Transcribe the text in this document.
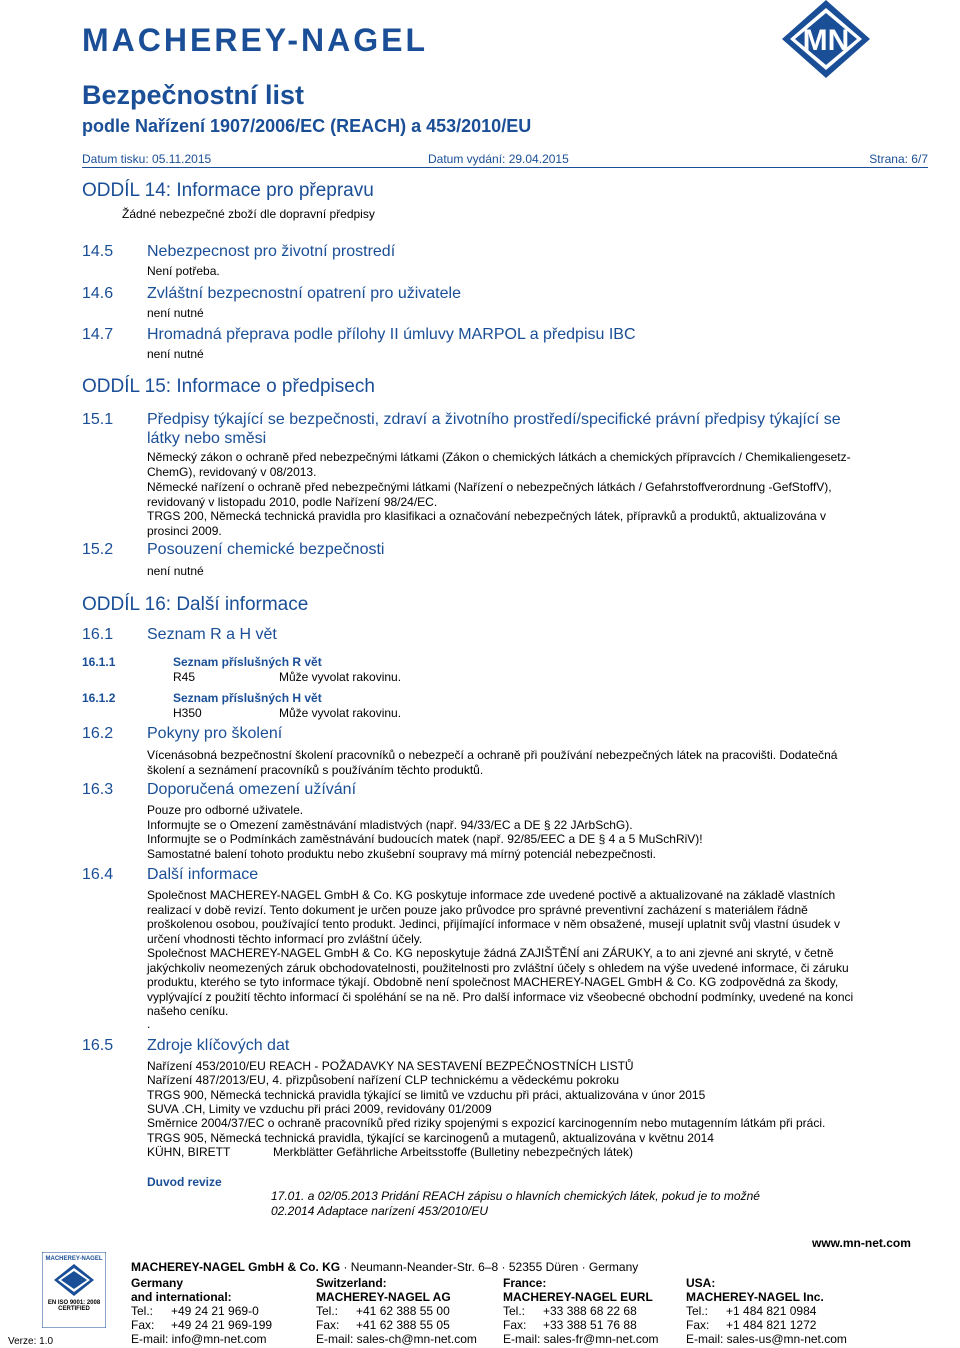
MACHEREY-NAGEL	MN
Bezpečnostní list
podle Nařízení 1907/2006/EC (REACH) a 453/2010/EU
Datum tisku: 05.11.2015	Datum vydání: 29.04.2015	Strana: 6/7
ODDÍL 14: Informace pro přepravu
Žádné nebezpečné zboží dle dopravní předpisy
14.5 Nebezpecnost pro životní prostredí
Není potřeba.
14.6 Zvláštní bezpecnostní opatrení pro uživatele
není nutné
14.7 Hromadná přeprava podle přílohy II úmluvy MARPOL a předpisu IBC
není nutné
ODDÍL 15: Informace o předpisech
15.1 Předpisy týkající se bezpečnosti, zdraví a životního prostředí/specifické právní předpisy týkající se
látky nebo směsi
Německý zákon o ochraně před nebezpečnými látkami (Zákon o chemických látkách a chemických přípravcích / Chemikaliengesetz-
ChemG), revidovaný v 08/2013.
Německé nařízení o ochraně před nebezpečnými látkami (Nařízení o nebezpečných látkách / Gefahrstoffverordnung -GefStoffV),
revidovaný v listopadu 2010, podle Nařízení 98/24/EC.
TRGS 200, Německá technická pravidla pro klasifikaci a označování nebezpečných látek, přípravků a produktů, aktualizována v
prosinci 2009.
15.2 Posouzení chemické bezpečnosti
není nutné
ODDÍL 16: Další informace
16.1 Seznam R a H vět
16.1.1	Seznam příslušných R vět
R45	Může vyvolat rakovinu.
16.1.2	Seznam příslušných H vět
H350	Může vyvolat rakovinu.
16.2 Pokyny pro školení
Vícenásobná bezpečnostní školení pracovníků o nebezpečí a ochraně při používání nebezpečných látek na pracovišti. Dodatečná
školení a seznámení pracovníků s používáním těchto produktů.
16.3 Doporučená omezení užívání
Pouze pro odborné uživatele.
Informujte se o Omezení zaměstnávání mladistvých (např. 94/33/EC a DE § 22 JArbSchG).
Informujte se o Podmínkách zaměstnávání budoucích matek (např. 92/85/EEC a DE § 4 a 5 MuSchRiV)!
Samostatné balení tohoto produktu nebo zkušební soupravy má mírný potenciál nebezpečnosti.
16.4 Další informace
Společnost MACHEREY-NAGEL GmbH & Co. KG poskytuje informace zde uvedené poctivě a aktualizované na základě vlastních
realizací v době revizí. Tento dokument je určen pouze jako průvodce pro správné preventivní zacházení s materiálem řádně
proškolenou osobou, používající tento produkt. Jedinci, přijímající informace v něm obsažené, musejí uplatnit svůj vlastní úsudek v
určení vhodnosti těchto informací pro zvláštní účely.
Společnost MACHEREY-NAGEL GmbH & Co. KG neposkytuje žádná ZAJIŠTĚNÍ ani ZÁRUKY, a to ani zjevné ani skryté, v četně
jakýchkoliv neomezených záruk obchodovatelnosti, použitelnosti pro zvláštní účely s ohledem na výše uvedené informace, či záruku
produktu, kterého se tyto informace týkají. Obdobně není společnost MACHEREY-NAGEL GmbH & Co. KG zodpovědná za škody,
vyplývající z použití těchto informací či spoléhání se na ně. Pro další informace viz všeobecné obchodní podmínky, uvedené na konci
našeho ceníku.
.
16.5 Zdroje klíčových dat
Nařízení 453/2010/EU REACH - POŽADAVKY NA SESTAVENÍ BEZPEČNOSTNÍCH LISTŮ
Nařízení 487/2013/EU, 4. přizpůsobení nařízení CLP technickému a vědeckému pokroku
TRGS 900, Německá technická pravidla týkající se limitů ve vzduchu při práci, aktualizována v únor 2015
SUVA .CH, Limity ve vzduchu při práci 2009, revidovány 01/2009
Směrnice 2004/37/EC o ochraně pracovníků před riziky spojenými s expozicí karcinogenním nebo mutagenním látkám při práci.
TRGS 905, Německá technická pravidla, týkající se karcinogenů a mutagenů, aktualizována v květnu 2014
KÜHN, BIRETT	Merkblätter Gefährliche Arbeitsstoffe (Bulletiny nebezpečných látek)
Duvod revize
17.01. a 02/05.2013 Pridání REACH zápisu o hlavních chemických látek, pokud je to možné
02.2014 Adaptace narízení 453/2010/EU
www.mn-net.com
MACHEREY-NAGEL
EN ISO 9001: 2008 CERTIFIED
Verze: 1.0
MACHEREY-NAGEL GmbH & Co. KG · Neumann-Neander-Str. 6–8 · 52355 Düren · Germany
Germany
and international:
Tel.: +49 24 21 969-0
Fax: +49 24 21 969-199
E-mail: info@mn-net.com
Switzerland:
MACHEREY-NAGEL AG
Tel.: +41 62 388 55 00
Fax: +41 62 388 55 05
E-mail: sales-ch@mn-net.com
France:
MACHEREY-NAGEL EURL
Tel.: +33 388 68 22 68
Fax: +33 388 51 76 88
E-mail: sales-fr@mn-net.com
USA:
MACHEREY-NAGEL Inc.
Tel.: +1 484 821 0984
Fax: +1 484 821 1272
E-mail: sales-us@mn-net.com
